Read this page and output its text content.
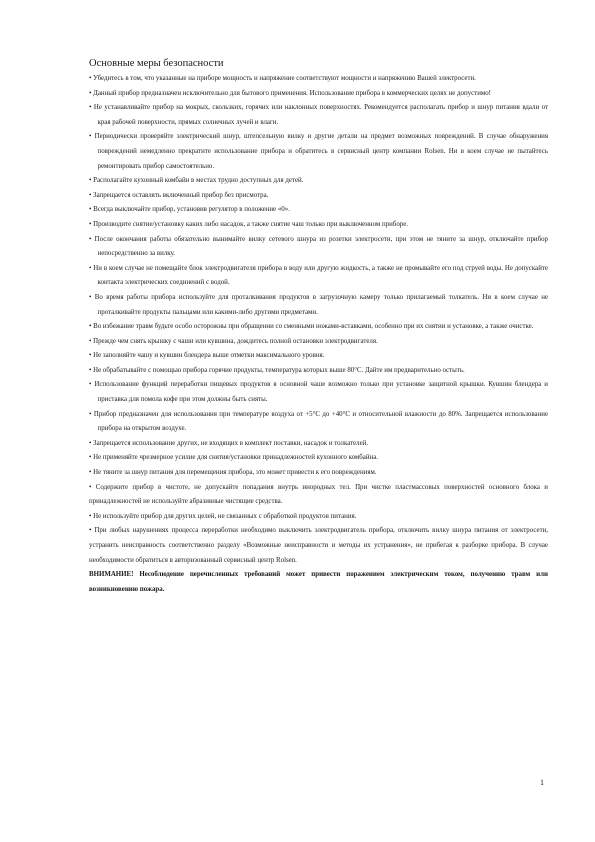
Основные меры безопасности

• Убедитесь в том, что указанные на приборе мощность и напряжение соответствуют мощности и напряжению Вашей электросети.

• Данный прибор предназначен исключительно для бытового применения. Использование прибора в коммерческих целях не допустимо!

• Не устанавливайте прибор на мокрых, скользких, горячих или наклонных поверхностях. Рекомендуется располагать прибор и шнур питания вдали от края рабочей поверхности, прямых солнечных лучей и влаги.

• Периодически проверяйте электрический шнур, штепсельную вилку и другие детали на предмет возможных повреждений. В случае обнаружения повреждений немедленно прекратите использование прибора и обратитесь в сервисный центр компании Rolsen. Ни в коем случае не пытайтесь ремонтировать прибор самостоятельно.

• Располагайте кухонный комбайн в местах трудно доступных для детей.

• Запрещается оставлять включенный прибор без присмотра.

• Всегда выключайте прибор, установив регулятор в положение «0».

• Производите снятие/установку каких либо насадок, а также снятие чаш только при выключенном приборе.

• После окончания работы обязательно вынимайте вилку сетевого шнура из розетки электросети, при этом не тяните за шнур, отключайте прибор непосредственно за вилку.

• Ни в коем случае не помещайте блок электродвигателя прибора в воду или другую жидкость, а также не промывайте его под струей воды. Не допускайте контакта электрических соединений с водой.

• Во время работы прибора используйте для проталкивания продуктов в загрузочную камеру только прилагаемый толкатель. Ни в коем случае не проталкивайте продукты пальцами или какими-либо другими предметами.

• Во избежание травм будьте особо осторожны при обращении со сменными ножами-вставками, особенно при их снятии и установке, а также очистке.

• Прежде чем снять крышку с чаши или кувшина, дождитесь полной остановки электродвигателя.

• Не заполняйте чашу и кувшин блендера выше отметки максимального уровня.

• Не обрабатывайте с помощью прибора горячие продукты, температура которых выше 80°C. Дайте им предварительно остыть.

• Использование функций переработки пищевых продуктов в основной чаше возможно только при установке защитной крышки. Кувшин блендера и приставка для помола кофе при этом должны быть сняты.

• Прибор предназначен для использования при температуре воздуха от +5°C до +40°C и относительной влажности до 80%. Запрещается использование прибора на открытом воздухе.

• Запрещается использование других, не входящих в комплект поставки, насадок и толкателей.

• Не применяйте чрезмерное усилие для снятия/установки принадлежностей кухонного комбайна.

• Не тяните за шнур питания для перемещения прибора, это может привести к его повреждениям.

• Содержите прибор в чистоте, не допускайте попадания внутрь инородных тел. При чистке пластмассовых поверхностей основного блока и принадлежностей не используйте абразивные чистящие средства.

• Не используйте прибор для других целей, не связанных с обработкой продуктов питания.

• При любых нарушениях процесса переработки необходимо выключить электродвигатель прибора, отключить вилку шнура питания от электросети, устранить неисправность соответственно разделу «Возможные неисправности и методы их устранения», не прибегая к разборке прибора. В случае необходимости обратиться в авторизованный сервисный центр Rolsen.

ВНИМАНИЕ! Несоблюдение перечисленных требований может привести поражением электрическим током, получению травм или возникновению пожара.

1
